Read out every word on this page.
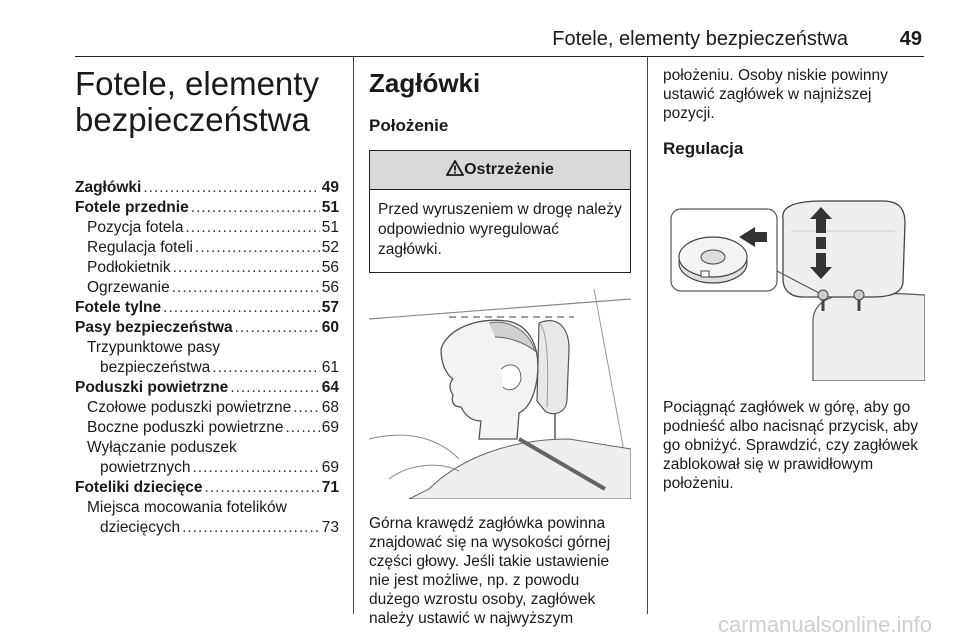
Fotele, elementy bezpieczeństwa	49
Fotele, elementy
bezpieczeństwa
Zagłówki .....	49
Fotele przednie .....	51
Pozycja fotela .....	51
Regulacja foteli .....	52
Podłokietnik .....	56
Ogrzewanie .....	56
Fotele tylne .....	57
Pasy bezpieczeństwa .....	60
Trzypunktowe pasy
bezpieczeństwa .....	61
Poduszki powietrzne .....	64
Czołowe poduszki powietrzne ..... 68
Boczne poduszki powietrzne ..... 69
Wyłączanie poduszek
powietrznych .....	69
Foteliki dziecięce .....	71
Miejsca mocowania fotelików
dziecięcych .....	73
Zagłówki
Położenie
Ostrzeżenie
Przed wyruszeniem w drogę należy odpowiednio wyregulować zagłówki.
Górna krawędź zagłówka powinna znajdować się na wysokości górnej części głowy. Jeśli takie ustawienie nie jest możliwe, np. z powodu dużego wzrostu osoby, zagłówek należy ustawić w najwyższym
położeniu. Osoby niskie powinny ustawić zagłówek w najniższej pozycji.
Regulacja
Pociągnąć zagłówek w górę, aby go podnieść albo nacisnąć przycisk, aby go obniżyć. Sprawdzić, czy zagłówek zablokował się w prawidłowym położeniu.
carmanualsonline.info
